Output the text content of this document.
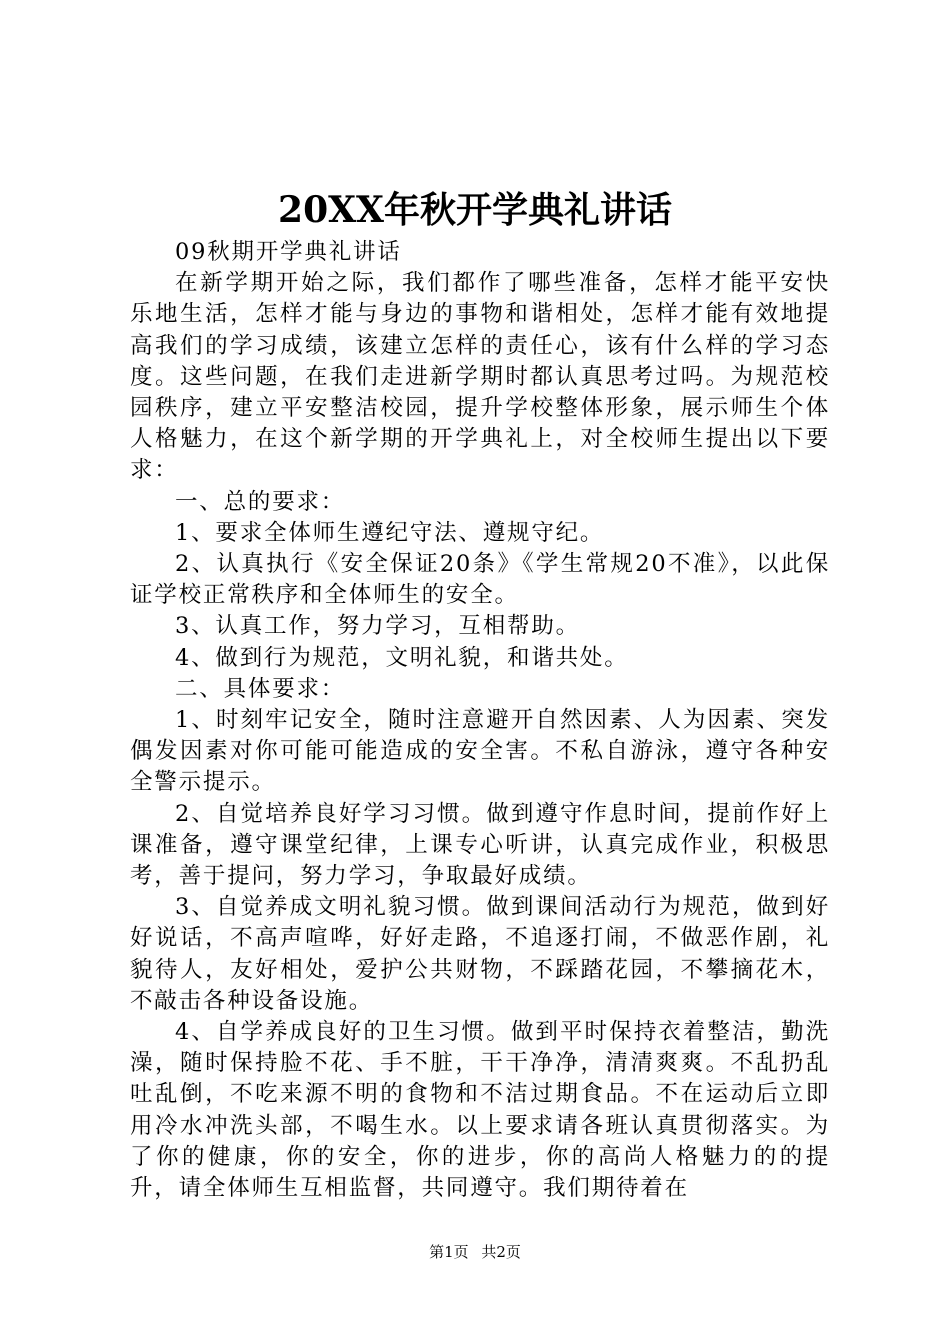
20XX年秋开学典礼讲话

09秋期开学典礼讲话

在新学期开始之际，我们都作了哪些准备，怎样才能平安快乐地生活，怎样才能与身边的事物和谐相处，怎样才能有效地提高我们的学习成绩，该建立怎样的责任心，该有什么样的学习态度。这些问题，在我们走进新学期时都认真思考过吗。为规范校园秩序，建立平安整洁校园，提升学校整体形象，展示师生个体人格魅力，在这个新学期的开学典礼上，对全校师生提出以下要求：

一、总的要求：

1、要求全体师生遵纪守法、遵规守纪。

2、认真执行《安全保证20条》《学生常规20不准》，以此保证学校正常秩序和全体师生的安全。

3、认真工作，努力学习，互相帮助。

4、做到行为规范，文明礼貌，和谐共处。

二、具体要求：

1、时刻牢记安全，随时注意避开自然因素、人为因素、突发偶发因素对你可能可能造成的安全害。不私自游泳，遵守各种安全警示提示。

2、自觉培养良好学习习惯。做到遵守作息时间，提前作好上课准备，遵守课堂纪律，上课专心听讲，认真完成作业，积极思考，善于提问，努力学习，争取最好成绩。

3、自觉养成文明礼貌习惯。做到课间活动行为规范，做到好好说话，不高声喧哗，好好走路，不追逐打闹，不做恶作剧，礼貌待人，友好相处，爱护公共财物，不踩踏花园，不攀摘花木，不敲击各种设备设施。

4、自学养成良好的卫生习惯。做到平时保持衣着整洁，勤洗澡，随时保持脸不花、手不脏，干干净净，清清爽爽。不乱扔乱吐乱倒，不吃来源不明的食物和不洁过期食品。不在运动后立即用冷水冲洗头部，不喝生水。以上要求请各班认真贯彻落实。为了你的健康，你的安全，你的进步，你的高尚人格魅力的的提升，请全体师生互相监督，共同遵守。我们期待着在

第1页 共2页
